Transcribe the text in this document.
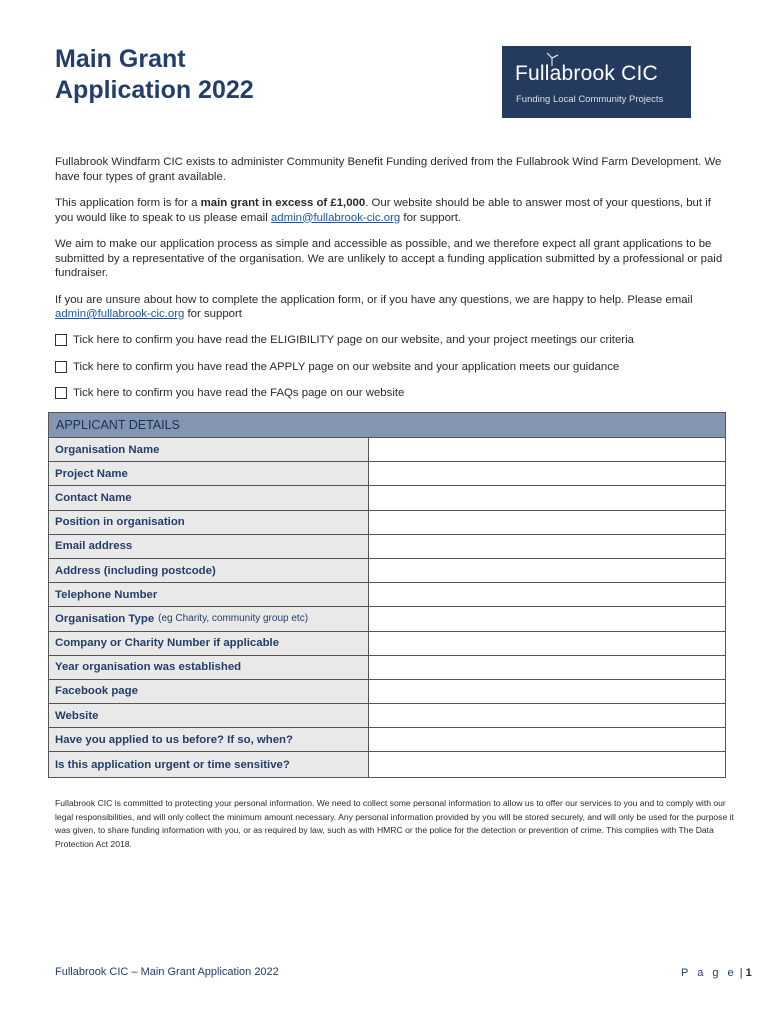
Main Grant
Application 2022
Fullabrook CIC
Funding Local Community Projects

Fullabrook Windfarm CIC exists to administer Community Benefit Funding derived from the Fullabrook Wind Farm Development. We have four types of grant available.

This application form is for a main grant in excess of £1,000. Our website should be able to answer most of your questions, but if you would like to speak to us please email admin@fullabrook-cic.org for support.

We aim to make our application process as simple and accessible as possible, and we therefore expect all grant applications to be submitted by a representative of the organisation. We are unlikely to accept a funding application submitted by a professional or paid fundraiser.

If you are unsure about how to complete the application form, or if you have any questions, we are happy to help. Please email admin@fullabrook-cic.org for support

Tick here to confirm you have read the ELIGIBILITY page on our website, and your project meetings our criteria
Tick here to confirm you have read the APPLY page on our website and your application meets our guidance
Tick here to confirm you have read the FAQs page on our website
APPLICANT DETAILS
Organisation Name
Project Name
Contact Name
Position in organisation
Email address
Address (including postcode)
Telephone Number
Organisation Type (eg Charity, community group etc)
Company or Charity Number if applicable
Year organisation was established
Facebook page
Website
Have you applied to us before? If so, when?
Is this application urgent or time sensitive?
Fullabrook CIC is committed to protecting your personal information. We need to collect some personal information to allow us to offer our services to you and to comply with our legal responsibilities, and will only collect the minimum amount necessary. Any personal information provided by you will be stored securely, and will only be used for the purpose it was given, to share funding information with you, or as required by law, such as with HMRC or the police for the detection or prevention of crime. This complies with The Data Protection Act 2018.
Fullabrook CIC – Main Grant Application 2022	P a g e | 1
